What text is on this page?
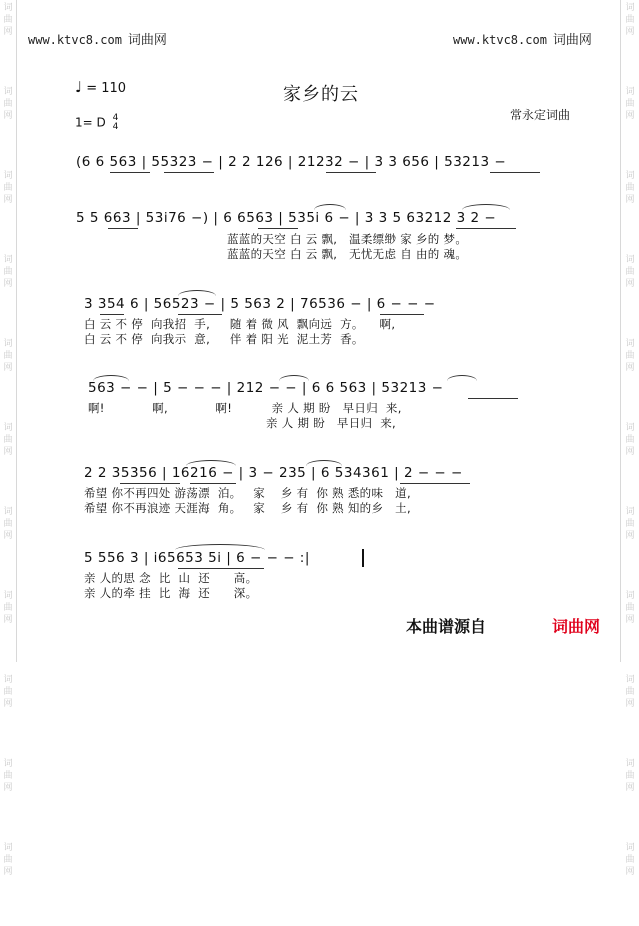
词
曲
网
词
曲
网
词
曲
网
词
曲
网
词
曲
网
词
曲
网
词
曲
网
词
曲
网
词
曲
网
词
曲
网
词
曲
网
词
曲
网
词
曲
网
词
曲
网
词
曲
网
词
曲
网
词
曲
网
词
曲
网
词
曲
网
词
曲
网
词
曲
网
词
曲
网
www.ktvc8.com 词曲网	www.ktvc8.com 词曲网
♩ = 110
1= D 4
4
家乡的云
常永定词曲
(6 6 563 | 55323 − | 2 2 126 | 21232 − | 3 3 656 | 53213 −
5 5 663 | 53i76 −) | 6 6563 | 535i 6 − | 3 3 5 63212 3 2 −
蓝蓝的天空 白 云 飘,   温柔缥缈 家 乡的 梦。
蓝蓝的天空 白 云 飘,   无忧无虑 自 由的 魂。
3 354 6 | 56523 − | 5 563 2 | 76536 − | 6 − − −
白 云 不 停  向我招  手,     随 着 微 风  飘向远  方。    啊,
白 云 不 停  向我示  意,     伴 着 阳 光  泥土芳  香。
563 − − | 5 − − − | 212 − − | 6 6 563 | 53213 −
啊!            啊,            啊!          亲 人 期 盼   早日归  来,
亲 人 期 盼   早日归  来,
2 2 35356 | 16216 − | 3 − 235 | 6 534361 | 2 − − −
希望 你不再四处 游荡漂  泊。   家    乡 有  你 熟 悉的味   道,
希望 你不再浪迹 天涯海  角。   家    乡 有  你 熟 知的乡   土,
5 556 3 | i65653 5i | 6 − − − :|
亲 人的思 念  比  山  还      高。
亲 人的牵 挂  比  海  还      深。
本曲谱源自	词曲网
